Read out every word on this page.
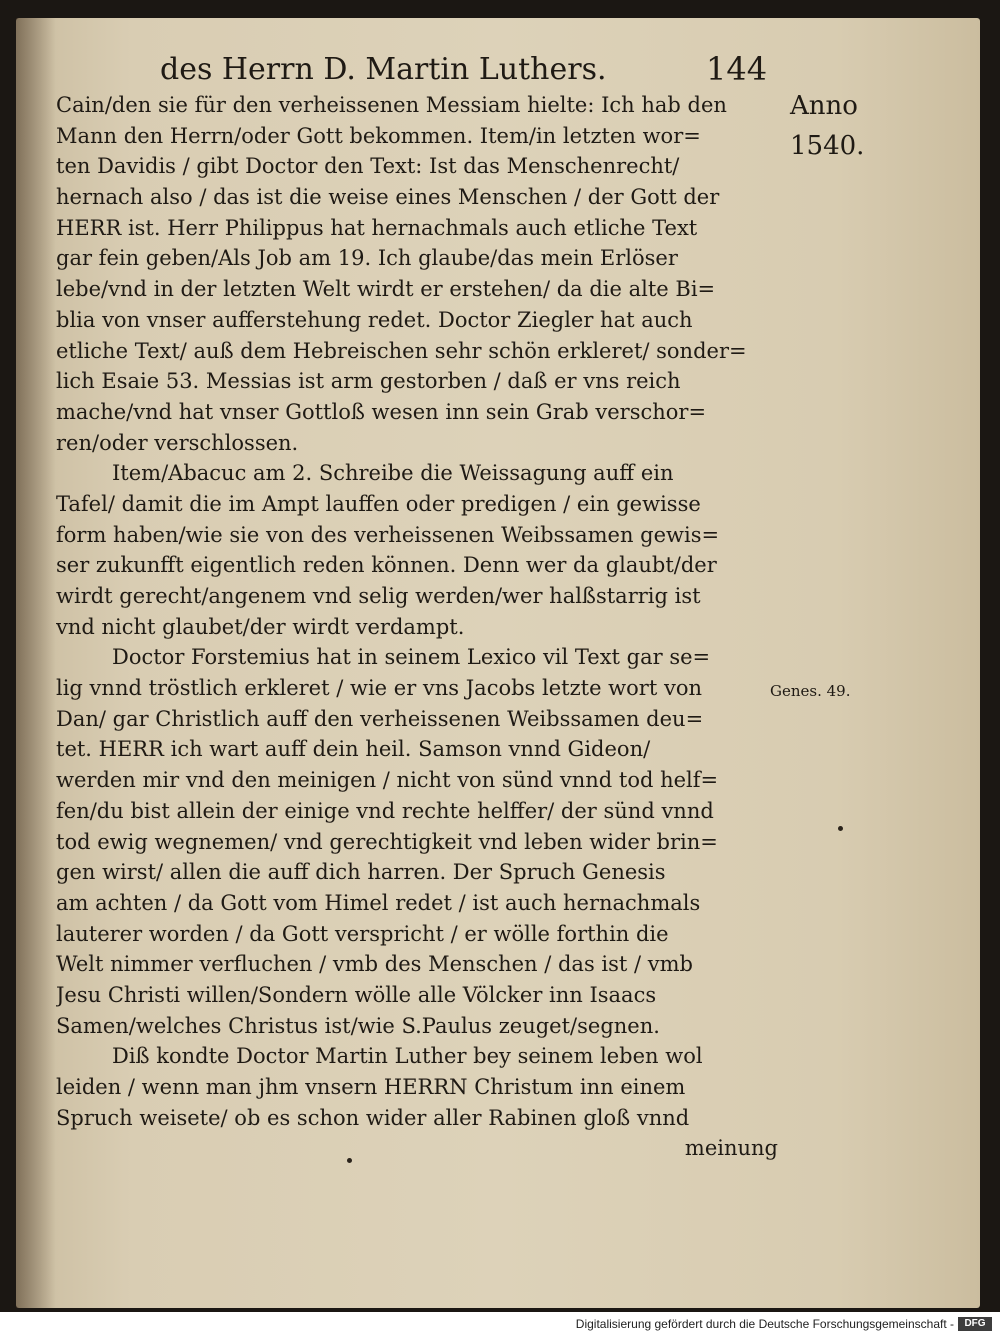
des Herrn D. Martin Luthers.	144
Anno
1540.
Cain/den sie für den verheissenen Messiam hielte: Ich hab den
Mann den Herrn/oder Gott bekommen. Item/in letzten wor=
ten Davidis / gibt Doctor den Text: Ist das Menschenrecht/
hernach also / das ist die weise eines Menschen / der Gott der
HERR ist. Herr Philippus hat hernachmals auch etliche Text
gar fein geben/Als Job am 19. Ich glaube/das mein Erlöser
lebe/vnd in der letzten Welt wirdt er erstehen/ da die alte Bi=
blia von vnser aufferstehung redet. Doctor Ziegler hat auch
etliche Text/ auß dem Hebreischen sehr schön erkleret/ sonder=
lich Esaie 53. Messias ist arm gestorben / daß er vns reich
mache/vnd hat vnser Gottloß wesen inn sein Grab verschor=
ren/oder verschlossen.
Item/Abacuc am 2. Schreibe die Weissagung auff ein
Tafel/ damit die im Ampt lauffen oder predigen / ein gewisse
form haben/wie sie von des verheissenen Weibssamen gewis=
ser zukunfft eigentlich reden können. Denn wer da glaubt/der
wirdt gerecht/angenem vnd selig werden/wer halßstarrig ist
vnd nicht glaubet/der wirdt verdampt.
Doctor Forstemius hat in seinem Lexico vil Text gar se=
lig vnnd tröstlich erkleret / wie er vns Jacobs letzte wort von
Dan/ gar Christlich auff den verheissenen Weibssamen deu=
tet. HERR ich wart auff dein heil. Samson vnnd Gideon/
werden mir vnd den meinigen / nicht von sünd vnnd tod helf=
fen/du bist allein der einige vnd rechte helffer/ der sünd vnnd
tod ewig wegnemen/ vnd gerechtigkeit vnd leben wider brin=
gen wirst/ allen die auff dich harren. Der Spruch Genesis
am achten / da Gott vom Himel redet / ist auch hernachmals
lauterer worden / da Gott verspricht / er wölle forthin die
Welt nimmer verfluchen / vmb des Menschen / das ist / vmb
Jesu Christi willen/Sondern wölle alle Völcker inn Isaacs
Samen/welches Christus ist/wie S.Paulus zeuget/segnen.
Diß kondte Doctor Martin Luther bey seinem leben wol
leiden / wenn man jhm vnsern HERRN Christum inn einem
Spruch weisete/ ob es schon wider aller Rabinen gloß vnnd
meinung
Genes. 49.
Digitalisierung gefördert durch die Deutsche Forschungsgemeinschaft -	DFG
